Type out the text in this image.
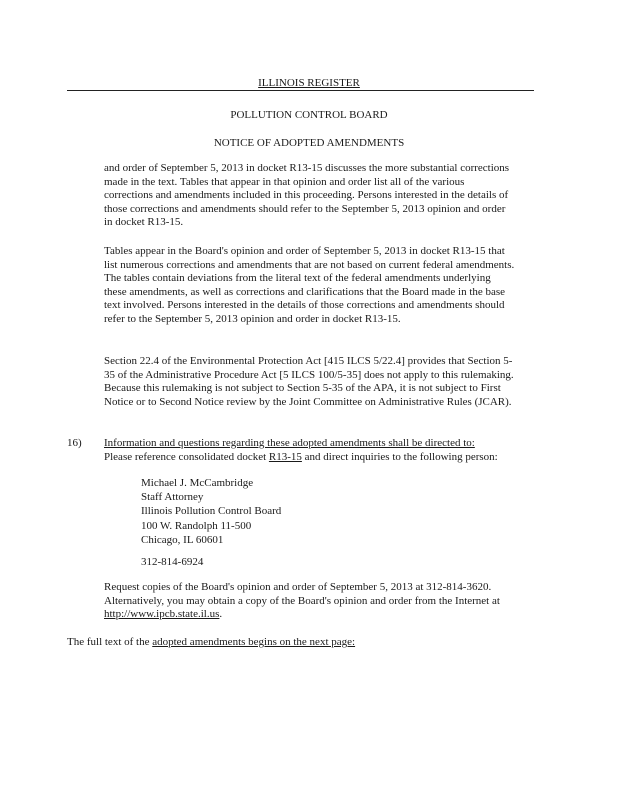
ILLINOIS REGISTER
POLLUTION CONTROL BOARD
NOTICE OF ADOPTED AMENDMENTS

and order of September 5, 2013 in docket R13-15 discusses the more substantial corrections made in the text. Tables that appear in that opinion and order list all of the various corrections and amendments included in this proceeding. Persons interested in the details of those corrections and amendments should refer to the September 5, 2013 opinion and order in docket R13-15.

Tables appear in the Board's opinion and order of September 5, 2013 in docket R13-15 that list numerous corrections and amendments that are not based on current federal amendments. The tables contain deviations from the literal text of the federal amendments underlying these amendments, as well as corrections and clarifications that the Board made in the base text involved. Persons interested in the details of those corrections and amendments should refer to the September 5, 2013 opinion and order in docket R13-15.

Section 22.4 of the Environmental Protection Act [415 ILCS 5/22.4] provides that Section 5-35 of the Administrative Procedure Act [5 ILCS 100/5-35] does not apply to this rulemaking. Because this rulemaking is not subject to Section 5-35 of the APA, it is not subject to First Notice or to Second Notice review by the Joint Committee on Administrative Rules (JCAR).

16) Information and questions regarding these adopted amendments shall be directed to:
Please reference consolidated docket R13-15 and direct inquiries to the following person:
Michael J. McCambridge
Staff Attorney
Illinois Pollution Control Board
100 W. Randolph 11-500
Chicago, IL 60601
312-814-6924

Request copies of the Board's opinion and order of September 5, 2013 at 312-814-3620. Alternatively, you may obtain a copy of the Board's opinion and order from the Internet at http://www.ipcb.state.il.us.

The full text of the adopted amendments begins on the next page:
